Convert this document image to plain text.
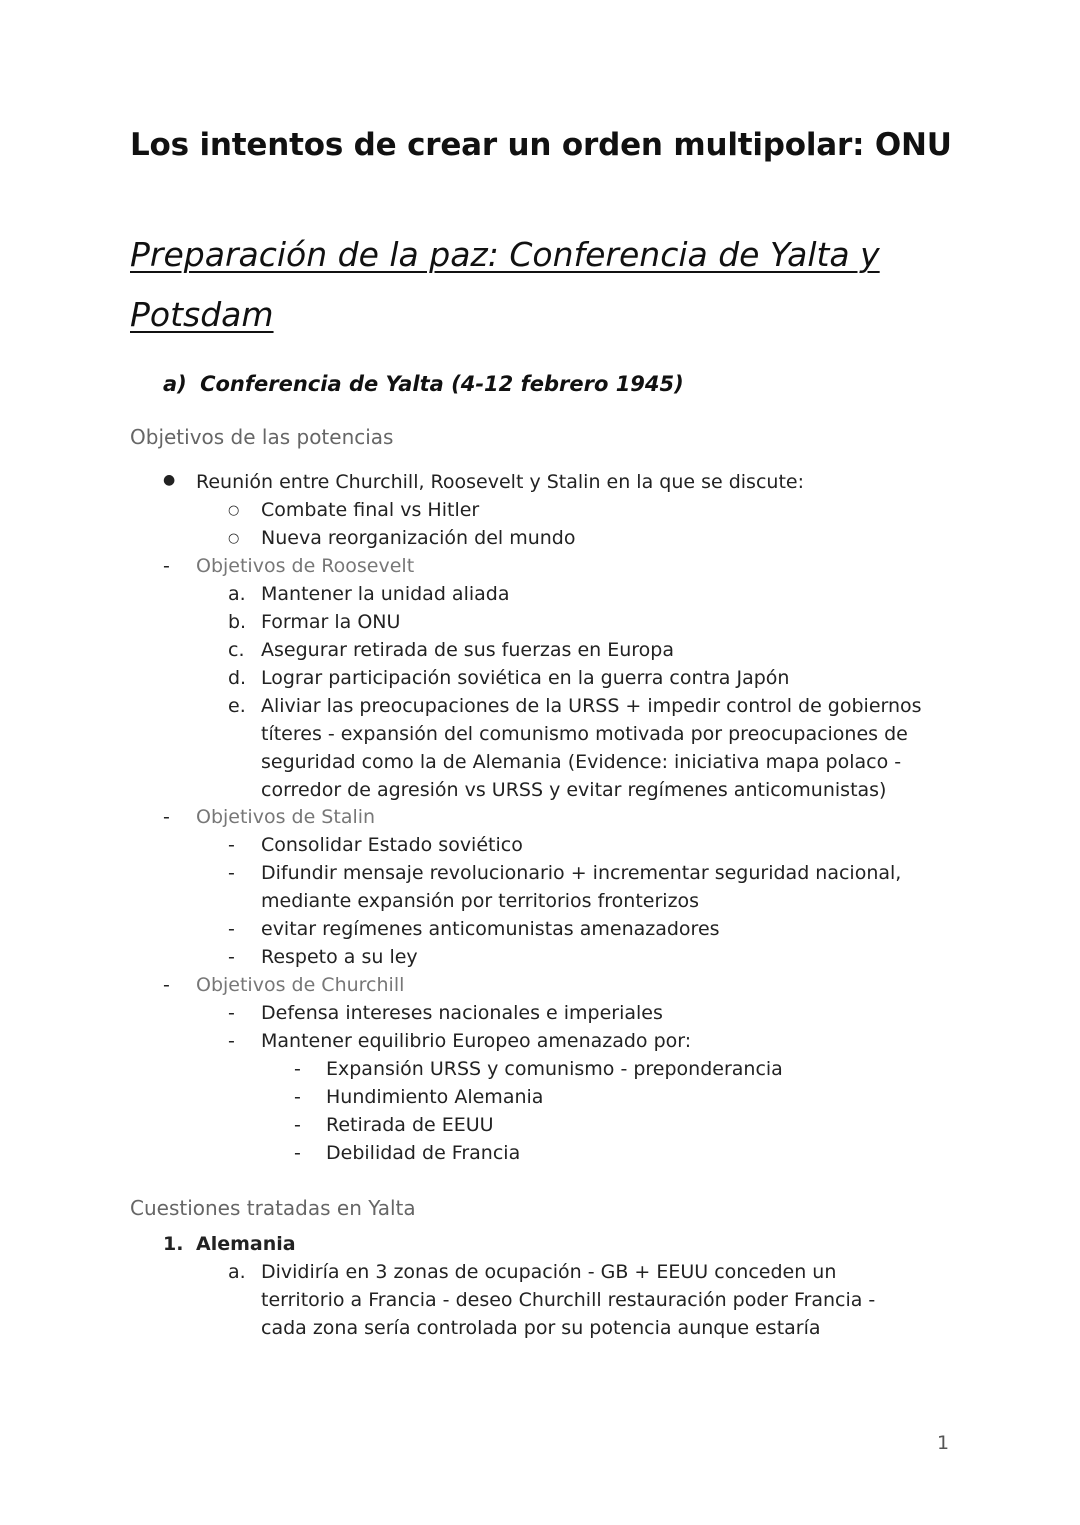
Los intentos de crear un orden multipolar: ONU
Preparación de la paz: Conferencia de Yalta y
Potsdam
a) Conferencia de Yalta (4-12 febrero 1945)
Objetivos de las potencias
● Reunión entre Churchill, Roosevelt y Stalin en la que se discute:
○ Combate final vs Hitler
○ Nueva reorganización del mundo
- Objetivos de Roosevelt
a. Mantener la unidad aliada
b. Formar la ONU
c. Asegurar retirada de sus fuerzas en Europa
d. Lograr participación soviética en la guerra contra Japón
e. Aliviar las preocupaciones de la URSS + impedir control de gobiernos
títeres - expansión del comunismo motivada por preocupaciones de
seguridad como la de Alemania (Evidence: iniciativa mapa polaco -
corredor de agresión vs URSS y evitar regímenes anticomunistas)
- Objetivos de Stalin
- Consolidar Estado soviético
- Difundir mensaje revolucionario + incrementar seguridad nacional,
mediante expansión por territorios fronterizos
- evitar regímenes anticomunistas amenazadores
- Respeto a su ley
- Objetivos de Churchill
- Defensa intereses nacionales e imperiales
- Mantener equilibrio Europeo amenazado por:
- Expansión URSS y comunismo - preponderancia
- Hundimiento Alemania
- Retirada de EEUU
- Debilidad de Francia
Cuestiones tratadas en Yalta
1. Alemania
a. Dividiría en 3 zonas de ocupación - GB + EEUU conceden un
territorio a Francia - deseo Churchill restauración poder Francia -
cada zona sería controlada por su potencia aunque estaría
1
